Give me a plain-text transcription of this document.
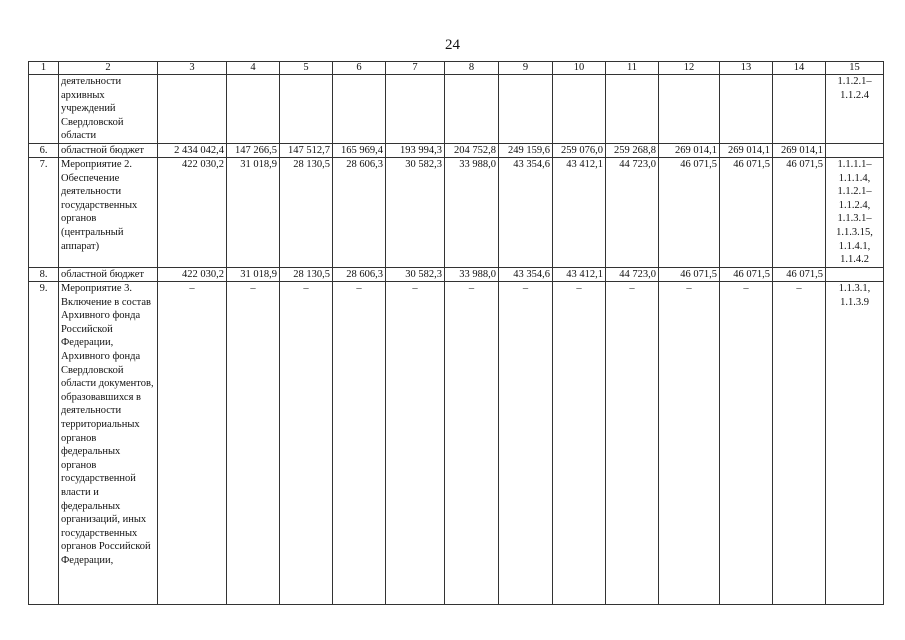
24
1	2	3	4	5	6	7	8	9	10	11	12	13	14	15
	деятельности архивных учреждений Свердловской области													1.1.2.1– 1.1.2.4
6.	областной бюджет	2 434 042,4	147 266,5	147 512,7	165 969,4	193 994,3	204 752,8	249 159,6	259 076,0	259 268,8	269 014,1	269 014,1	269 014,1	
7.	Мероприятие 2. Обеспечение деятельности государственных органов (центральный аппарат)	422 030,2	31 018,9	28 130,5	28 606,3	30 582,3	33 988,0	43 354,6	43 412,1	44 723,0	46 071,5	46 071,5	46 071,5	1.1.1.1– 1.1.1.4, 1.1.2.1– 1.1.2.4, 1.1.3.1– 1.1.3.15, 1.1.4.1, 1.1.4.2
8.	областной бюджет	422 030,2	31 018,9	28 130,5	28 606,3	30 582,3	33 988,0	43 354,6	43 412,1	44 723,0	46 071,5	46 071,5	46 071,5	
9.	Мероприятие 3. Включение в состав Архивного фонда Российской Федерации, Архивного фонда Свердловской области документов, образовавшихся в деятельности территориальных органов федеральных органов государственной власти и федеральных организаций, иных государственных органов Российской Федерации,	–	–	–	–	–	–	–	–	–	–	–	–	1.1.3.1, 1.1.3.9
